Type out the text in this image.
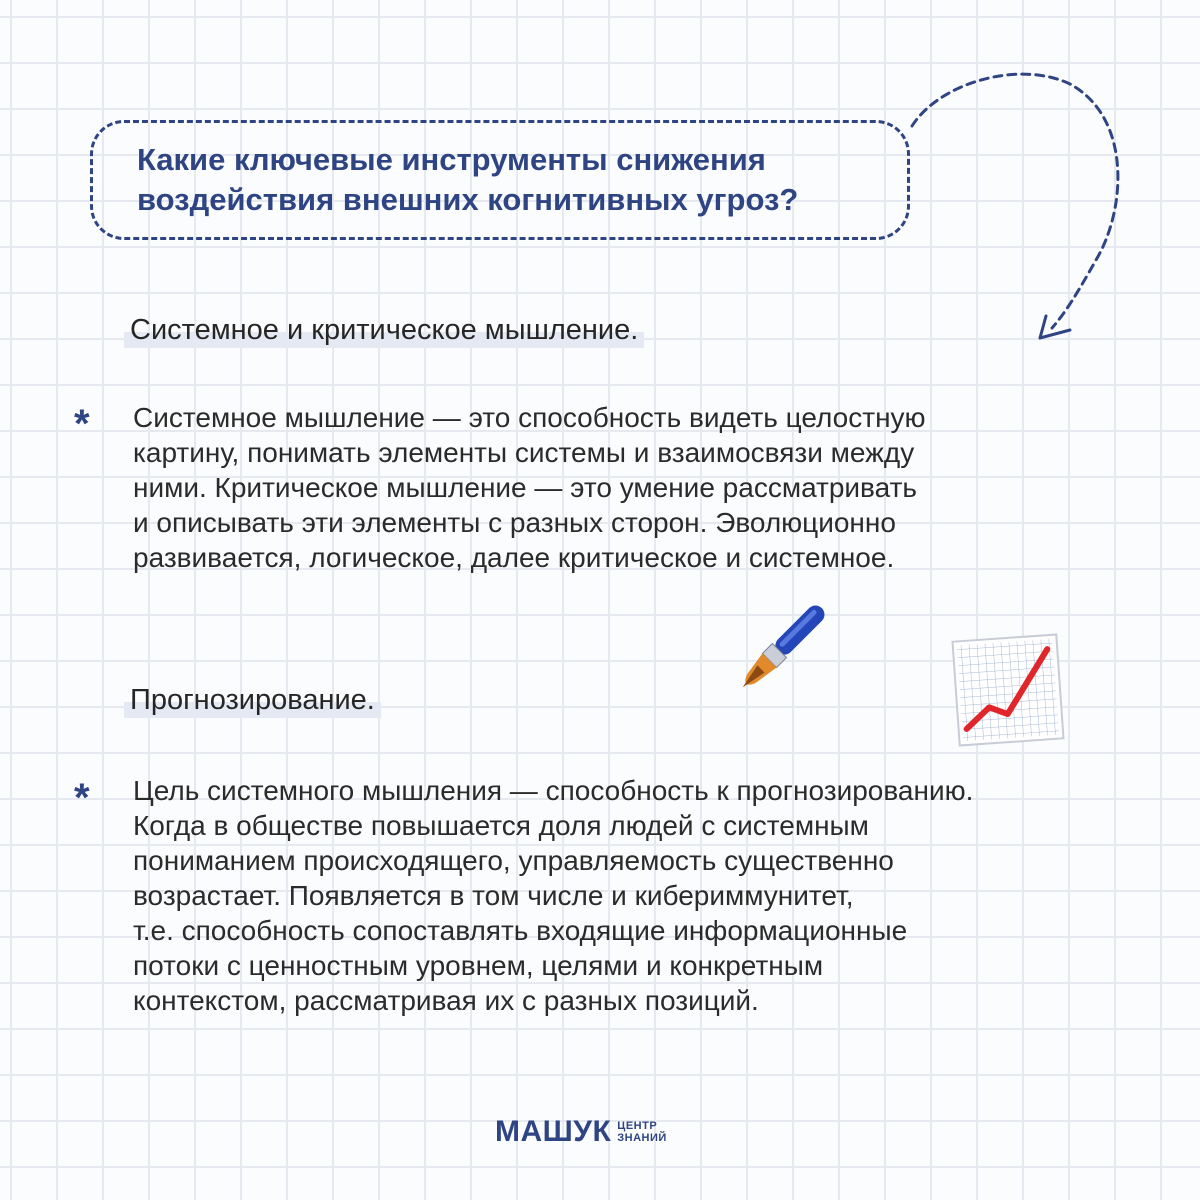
Какие ключевые инструменты снижения
воздействия внешних когнитивных угроз?

Системное и критическое мышление.
* Системное мышление — это способность видеть целостную
картину, понимать элементы системы и взаимосвязи между
ними. Критическое мышление — это умение рассматривать
и описывать эти элементы с разных сторон. Эволюционно
развивается, логическое, далее критическое и системное.

Прогнозирование.
* Цель системного мышления — способность к прогнозированию.
Когда в обществе повышается доля людей с системным
пониманием происходящего, управляемость существенно
возрастает. Появляется в том числе и кибериммунитет,
т.е. способность сопоставлять входящие информационные
потоки с ценностным уровнем, целями и конкретным
контекстом, рассматривая их с разных позиций.

МАШУК ЦЕНТР
ЗНАНИЙ
